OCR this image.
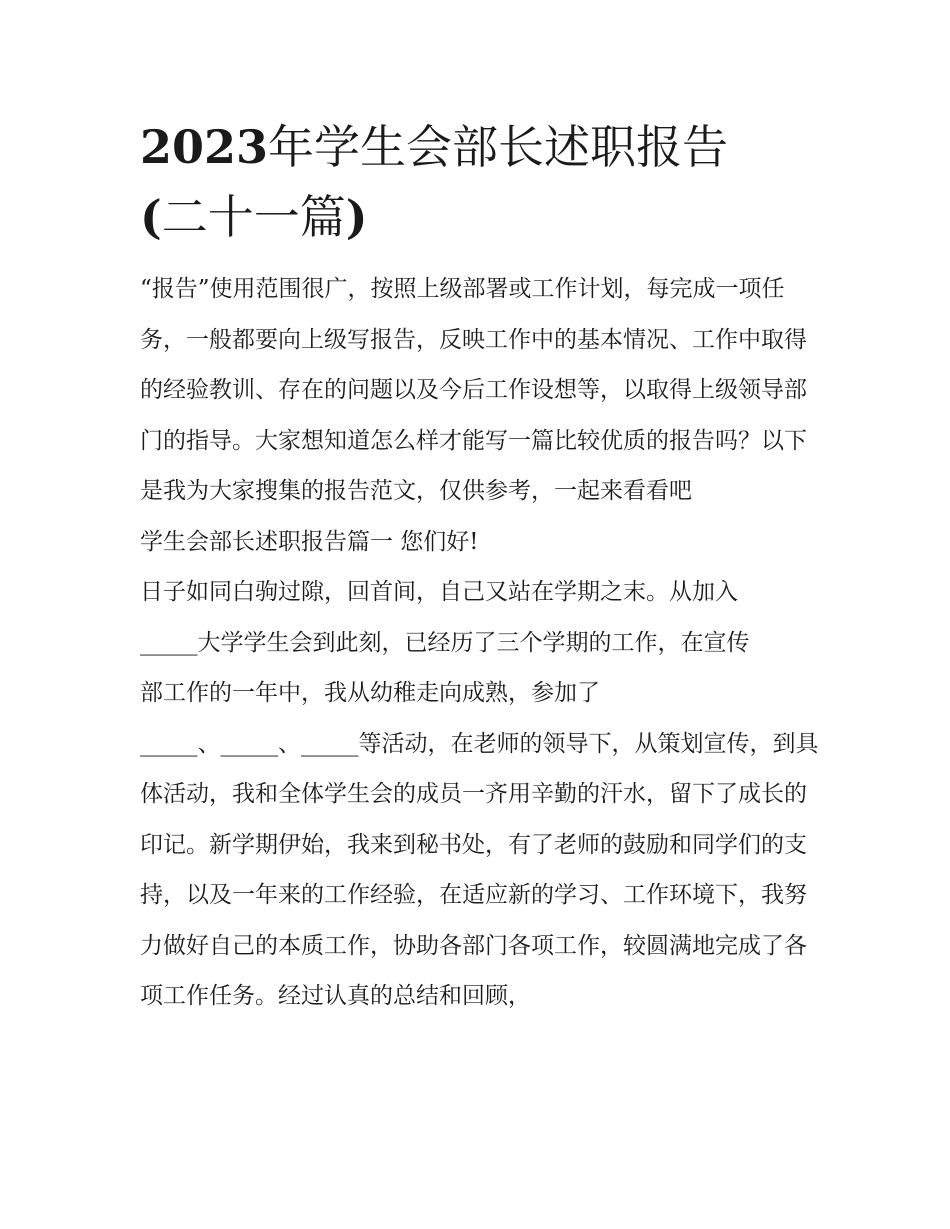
2023年学生会部长述职报告
(二十一篇)

“报告”使用范围很广，按照上级部署或工作计划，每完成一项任务，一般都要向上级写报告，反映工作中的基本情况、工作中取得的经验教训、存在的问题以及今后工作设想等，以取得上级领导部门的指导。大家想知道怎么样才能写一篇比较优质的报告吗？以下是我为大家搜集的报告范文，仅供参考，一起来看看吧

学生会部长述职报告篇一 您们好!

日子如同白驹过隙，回首间，自己又站在学期之末。从加入

_____大学学生会到此刻，已经历了三个学期的工作，在宣传

部工作的一年中，我从幼稚走向成熟，参加了

_____、_____、_____等活动，在老师的领导下，从策划宣传，到具体活动，我和全体学生会的成员一齐用辛勤的汗水，留下了成长的印记。新学期伊始，我来到秘书处，有了老师的鼓励和同学们的支持，以及一年来的工作经验，在适应新的学习、工作环境下，我努力做好自己的本质工作，协助各部门各项工作，较圆满地完成了各项工作任务。经过认真的总结和回顾，
